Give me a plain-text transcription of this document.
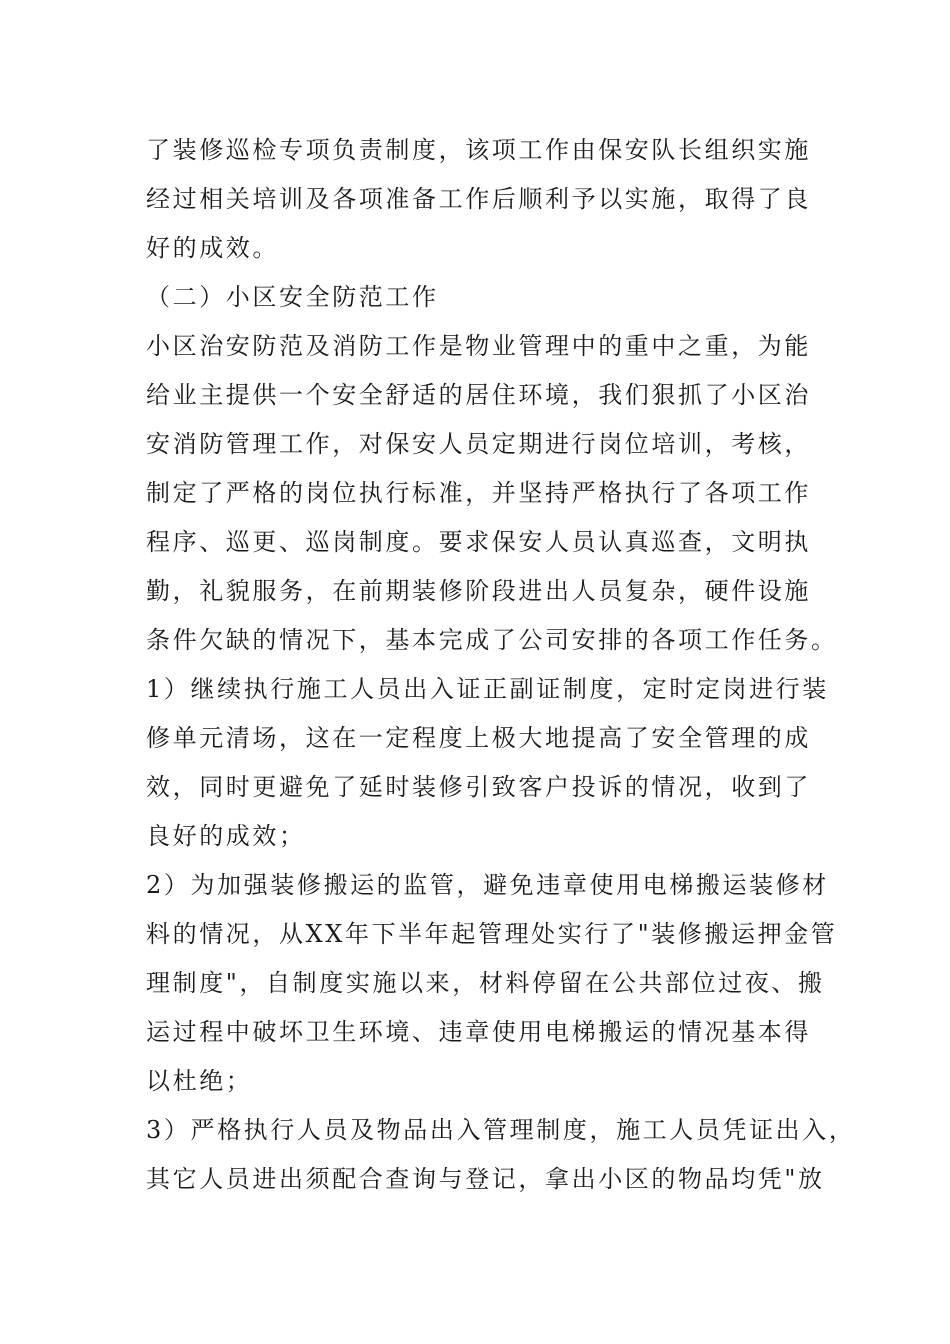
了装修巡检专项负责制度，该项工作由保安队长组织实施
经过相关培训及各项准备工作后顺利予以实施，取得了良
好的成效。
（二）小区安全防范工作
小区治安防范及消防工作是物业管理中的重中之重，为能
给业主提供一个安全舒适的居住环境，我们狠抓了小区治
安消防管理工作，对保安人员定期进行岗位培训，考核，
制定了严格的岗位执行标准，并坚持严格执行了各项工作
程序、巡更、巡岗制度。要求保安人员认真巡查，文明执
勤，礼貌服务，在前期装修阶段进出人员复杂，硬件设施
条件欠缺的情况下，基本完成了公司安排的各项工作任务。
1）继续执行施工人员出入证正副证制度，定时定岗进行装
修单元清场，这在一定程度上极大地提高了安全管理的成
效，同时更避免了延时装修引致客户投诉的情况，收到了
良好的成效；
2）为加强装修搬运的监管，避免违章使用电梯搬运装修材
料的情况，从XX年下半年起管理处实行了"装修搬运押金管
理制度"，自制度实施以来，材料停留在公共部位过夜、搬
运过程中破坏卫生环境、违章使用电梯搬运的情况基本得
以杜绝；
3）严格执行人员及物品出入管理制度，施工人员凭证出入，
其它人员进出须配合查询与登记，拿出小区的物品均凭"放
